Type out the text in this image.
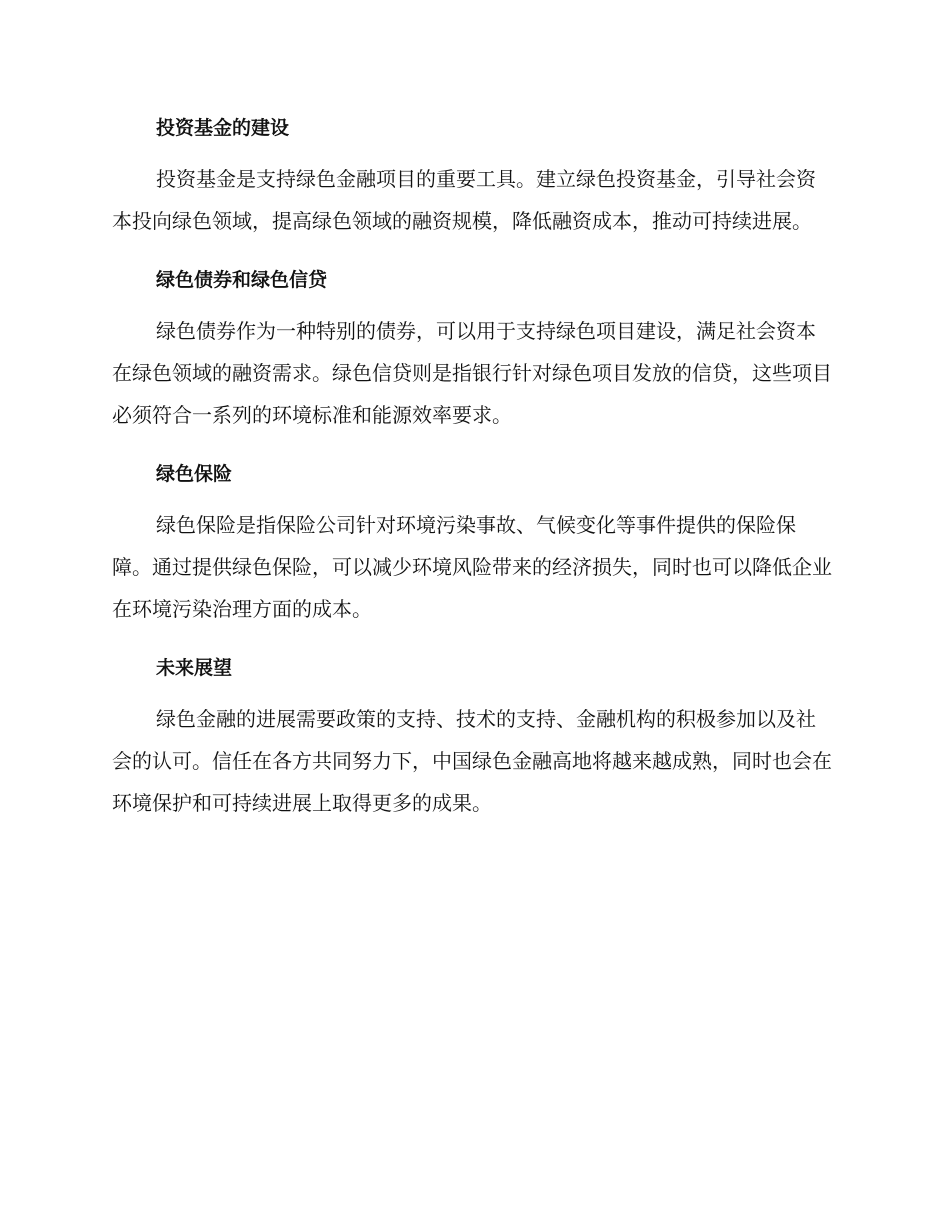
投资基金的建设

投资基金是支持绿色金融项目的重要工具。建立绿色投资基金，引导社会资本投向绿色领域，提高绿色领域的融资规模，降低融资成本，推动可持续进展。

绿色债券和绿色信贷

绿色债券作为一种特别的债券，可以用于支持绿色项目建设，满足社会资本在绿色领域的融资需求。绿色信贷则是指银行针对绿色项目发放的信贷，这些项目必须符合一系列的环境标准和能源效率要求。

绿色保险

绿色保险是指保险公司针对环境污染事故、气候变化等事件提供的保险保障。通过提供绿色保险，可以减少环境风险带来的经济损失，同时也可以降低企业在环境污染治理方面的成本。

未来展望

绿色金融的进展需要政策的支持、技术的支持、金融机构的积极参加以及社会的认可。信任在各方共同努力下，中国绿色金融高地将越来越成熟，同时也会在环境保护和可持续进展上取得更多的成果。
